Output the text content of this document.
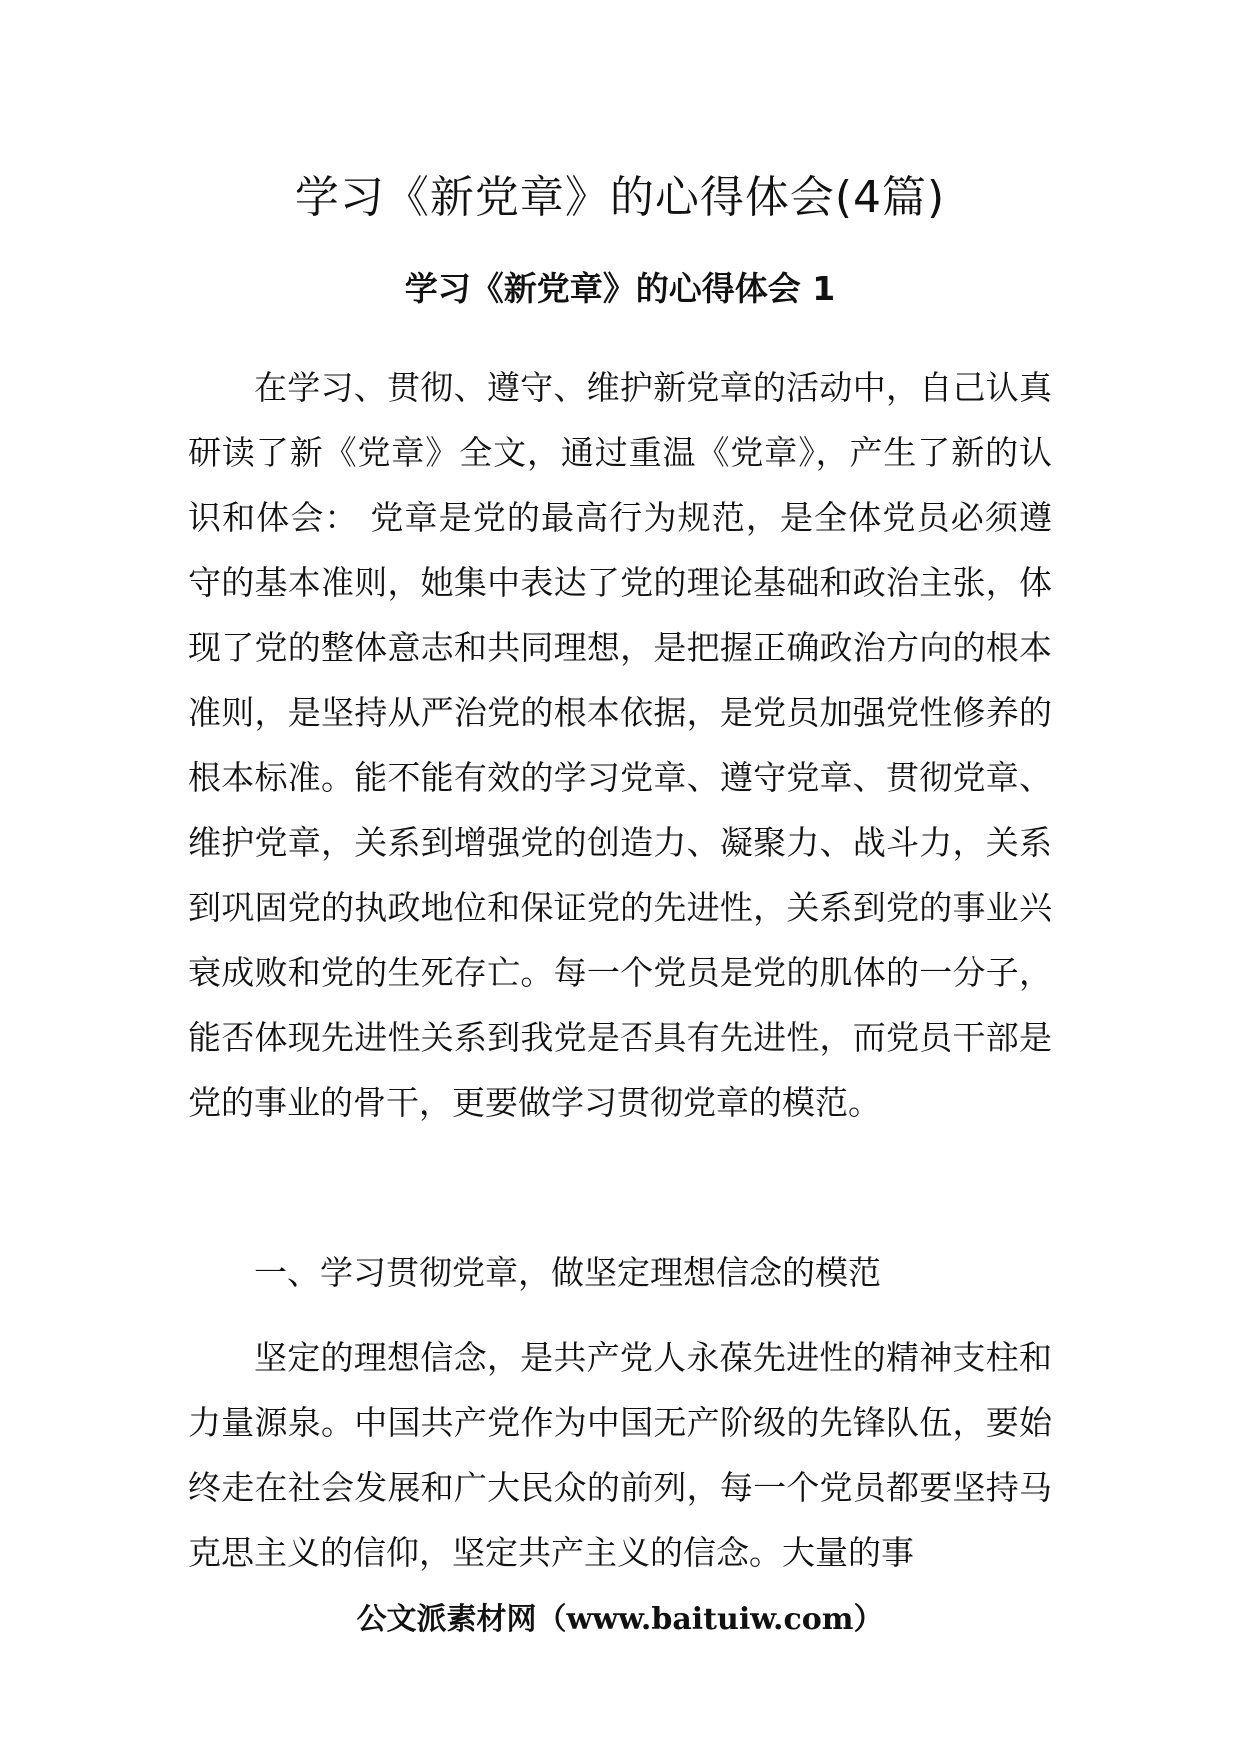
学习《新党章》的心得体会(4篇)
学习《新党章》的心得体会 1

在学习、贯彻、遵守、维护新党章的活动中，自己认真研读了新《党章》全文，通过重温《党章》，产生了新的认识和体会： 党章是党的最高行为规范，是全体党员必须遵守的基本准则，她集中表达了党的理论基础和政治主张，体现了党的整体意志和共同理想，是把握正确政治方向的根本准则，是坚持从严治党的根本依据，是党员加强党性修养的根本标准。能不能有效的学习党章、遵守党章、贯彻党章、维护党章，关系到增强党的创造力、凝聚力、战斗力，关系到巩固党的执政地位和保证党的先进性，关系到党的事业兴衰成败和党的生死存亡。每一个党员是党的肌体的一分子，能否体现先进性关系到我党是否具有先进性，而党员干部是党的事业的骨干，更要做学习贯彻党章的模范。

一、学习贯彻党章，做坚定理想信念的模范

坚定的理想信念，是共产党人永葆先进性的精神支柱和力量源泉。中国共产党作为中国无产阶级的先锋队伍，要始终走在社会发展和广大民众的前列，每一个党员都要坚持马克思主义的信仰，坚定共产主义的信念。大量的事

公文派素材网（www.baituiw.com）
